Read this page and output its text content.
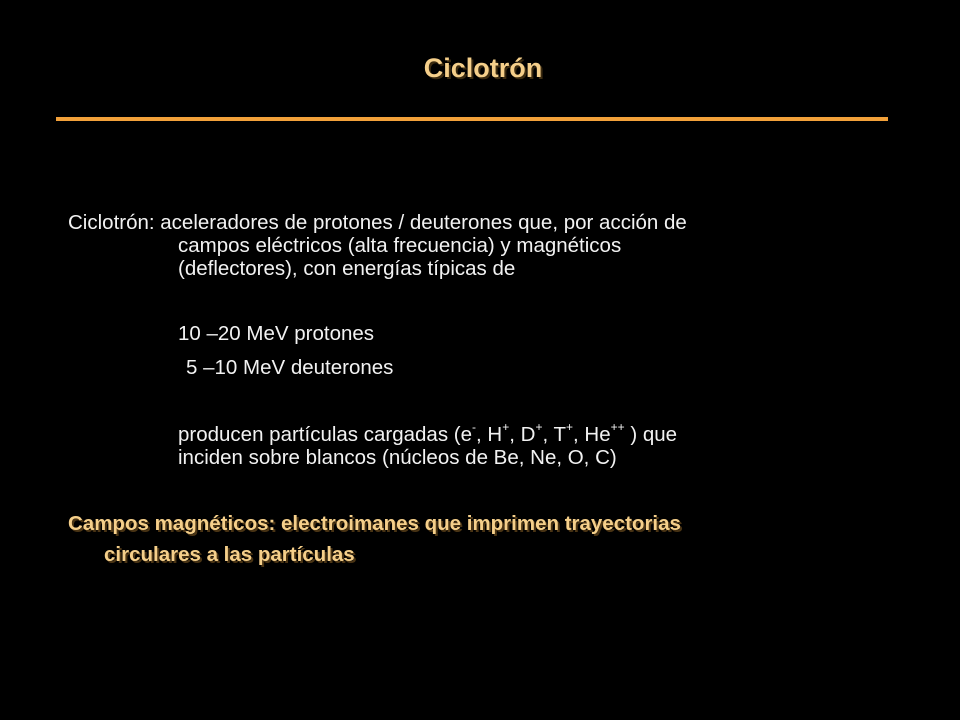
Ciclotrón
Ciclotrón: aceleradores de protones / deuterones que, por acción de
campos eléctricos (alta frecuencia) y magnéticos
(deflectores), con energías típicas de
10 –20 MeV protones
5 –10 MeV deuterones
producen partículas cargadas (e-, H+, D+, T+, He++ ) que
inciden sobre blancos (núcleos de Be, Ne, O, C)
Campos magnéticos: electroimanes que imprimen trayectorias
circulares a las partículas
